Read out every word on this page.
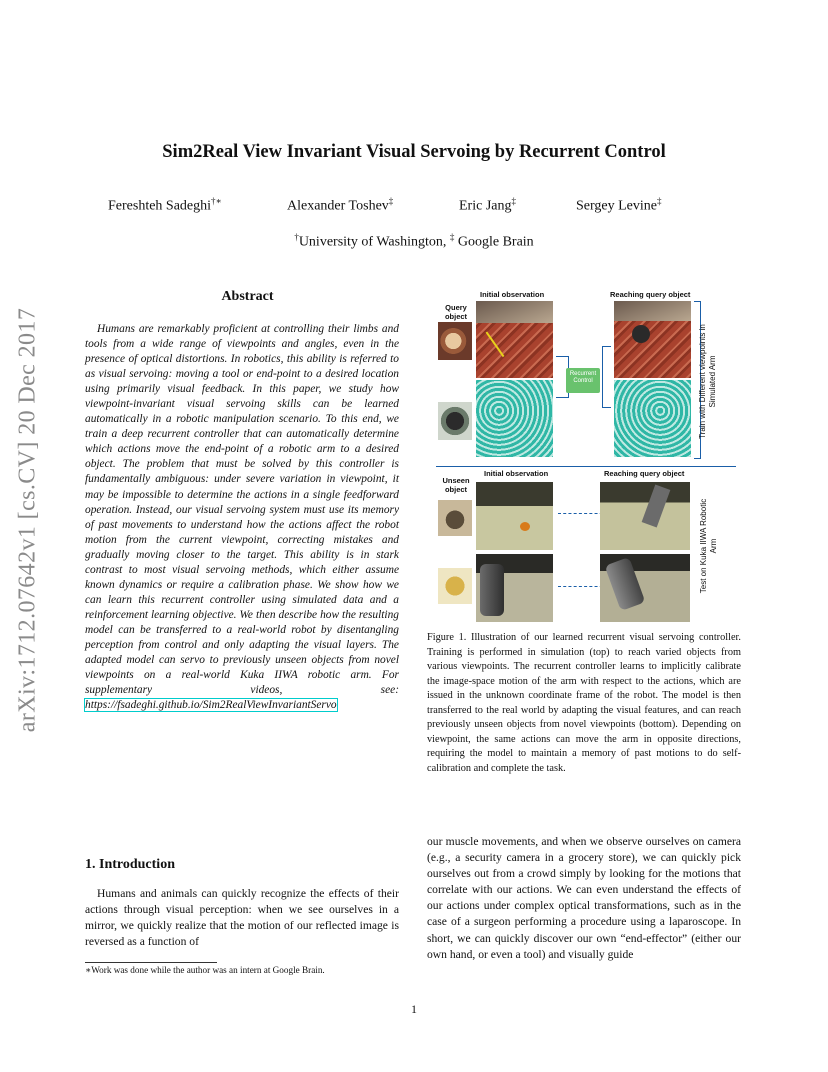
arXiv:1712.07642v1 [cs.CV] 20 Dec 2017
Sim2Real View Invariant Visual Servoing by Recurrent Control
Fereshteh Sadeghi†∗	Alexander Toshev‡	Eric Jang‡	Sergey Levine‡
†University of Washington, ‡ Google Brain
Abstract
Humans are remarkably proficient at controlling their limbs and tools from a wide range of viewpoints and angles, even in the presence of optical distortions. In robotics, this ability is referred to as visual servoing: moving a tool or end-point to a desired location using primarily visual feedback. In this paper, we study how viewpoint-invariant visual servoing skills can be learned automatically in a robotic manipulation scenario. To this end, we train a deep recurrent controller that can automatically determine which actions move the end-point of a robotic arm to a desired object. The problem that must be solved by this controller is fundamentally ambiguous: under severe variation in viewpoint, it may be impossible to determine the actions in a single feedforward operation. Instead, our visual servoing system must use its memory of past movements to understand how the actions affect the robot motion from the current viewpoint, correcting mistakes and gradually moving closer to the target. This ability is in stark contrast to most visual servoing methods, which either assume known dynamics or require a calibration phase. We show how we can learn this recurrent controller using simulated data and a reinforcement learning objective. We then describe how the resulting model can be transferred to a real-world robot by disentangling perception from control and only adapting the visual layers. The adapted model can servo to previously unseen objects from novel viewpoints on a real-world Kuka IIWA robotic arm. For supplementary videos, see: https://fsadeghi.github.io/Sim2RealViewInvariantServo
Initial observation	Reaching query object
Query object
Recurrent Control	Train with Different viewpoints in Simulated Arm
Initial observation	Reaching query object
Unseen object
Test on Kuka IIWA Robotic Arm
Figure 1. Illustration of our learned recurrent visual servoing controller. Training is performed in simulation (top) to reach varied objects from various viewpoints. The recurrent controller learns to implicitly calibrate the image-space motion of the arm with respect to the actions, which are issued in the unknown coordinate frame of the robot. The model is then transferred to the real world by adapting the visual features, and can reach previously unseen objects from novel viewpoints (bottom). Depending on viewpoint, the same actions can move the arm in opposite directions, requiring the model to maintain a memory of past motions to do self-calibration and complete the task.
1. Introduction
Humans and animals can quickly recognize the effects of their actions through visual perception: when we see ourselves in a mirror, we quickly realize that the motion of our reflected image is reversed as a function of
∗Work was done while the author was an intern at Google Brain.
our muscle movements, and when we observe ourselves on camera (e.g., a security camera in a grocery store), we can quickly pick ourselves out from a crowd simply by looking for the motions that correlate with our actions. We can even understand the effects of our actions under complex optical transformations, such as in the case of a surgeon performing a procedure using a laparoscope. In short, we can quickly discover our own “end-effector” (either our own hand, or even a tool) and visually guide
1
